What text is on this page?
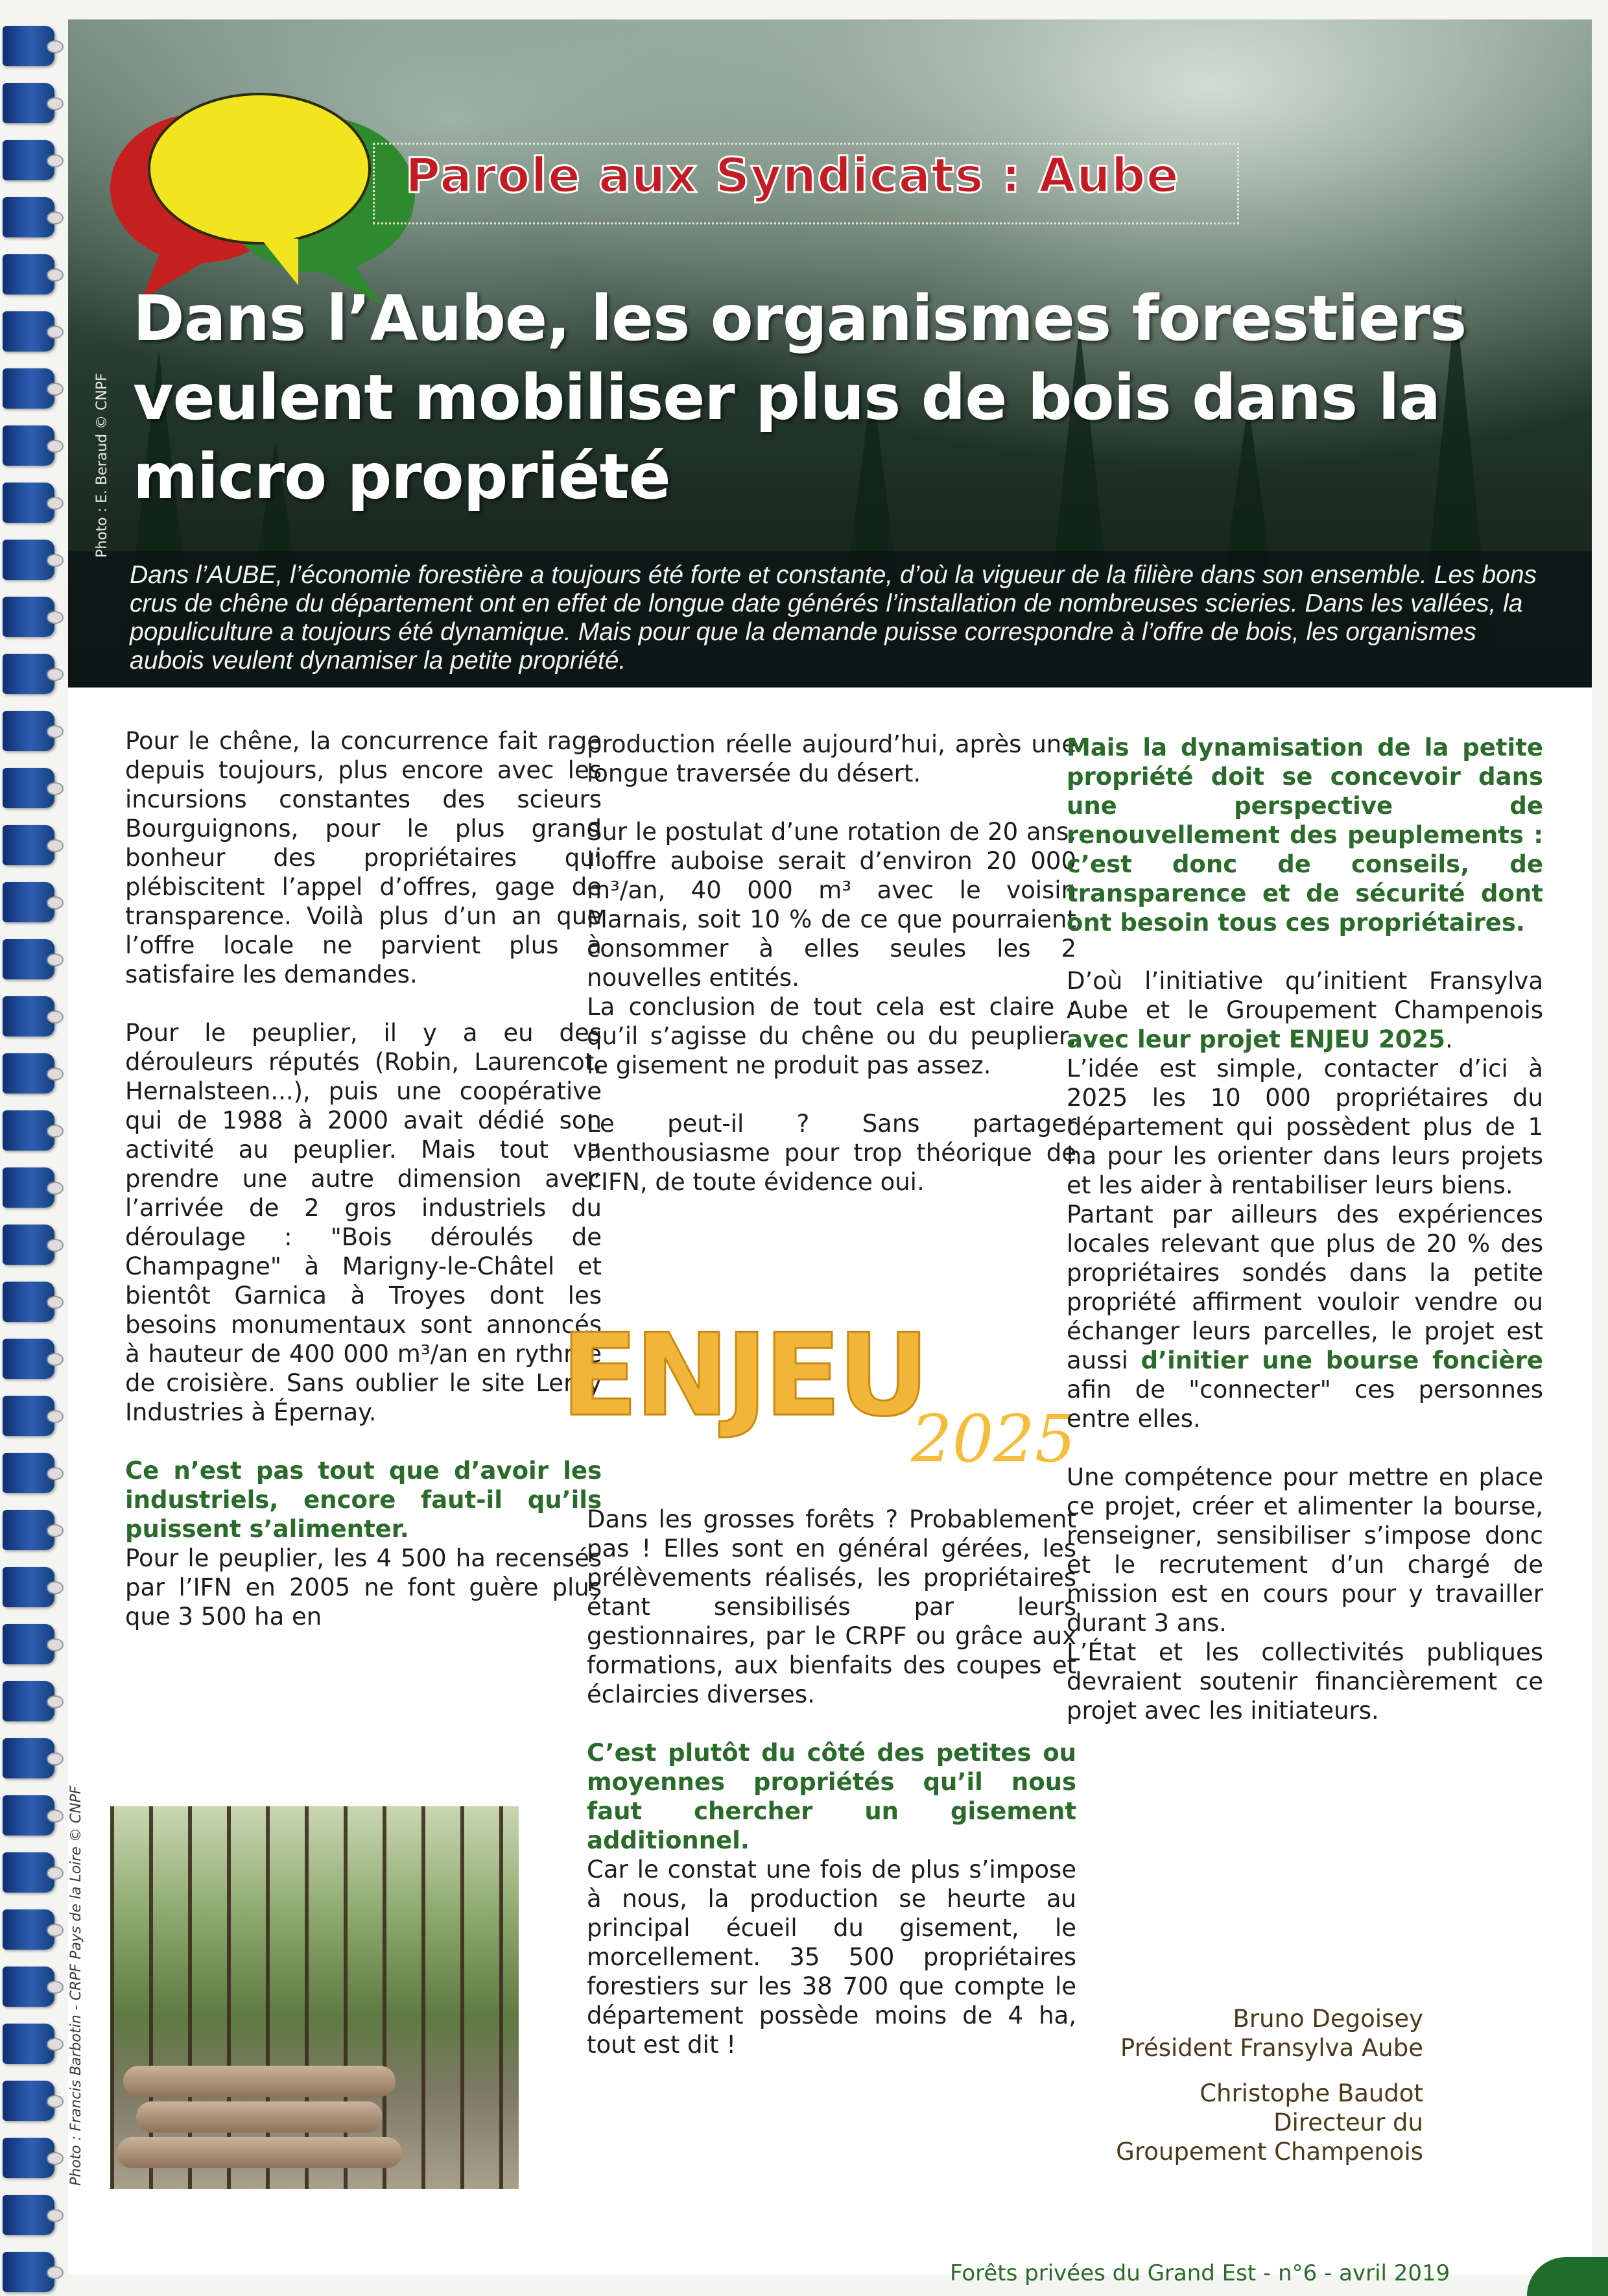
Parole aux Syndicats : Aube
Dans l’Aube, les organismes forestiers veulent mobiliser plus de bois dans la micro propriété
Photo : E. Beraud © CNPF

Dans l’AUBE, l’économie forestière a toujours été forte et constante, d’où la vigueur de la filière dans son ensemble. Les bons crus de chêne du département ont en effet de longue date générés l’installation de nombreuses scieries. Dans les vallées, la populiculture a toujours été dynamique. Mais pour que la demande puisse correspondre à l’offre de bois, les organismes aubois veulent dynamiser la petite propriété.

Pour le chêne, la concurrence fait rage depuis toujours, plus encore avec les incursions constantes des scieurs Bourguignons, pour le plus grand bonheur des propriétaires qui plébiscitent l’appel d’offres, gage de transparence. Voilà plus d’un an que l’offre locale ne parvient plus à satisfaire les demandes.

Pour le peuplier, il y a eu des dérouleurs réputés (Robin, Laurencot, Hernalsteen...), puis une coopérative qui de 1988 à 2000 avait dédié son activité au peuplier. Mais tout va prendre une autre dimension avec l’arrivée de 2 gros industriels du déroulage : "Bois déroulés de Champagne" à Marigny-le-Châtel et bientôt Garnica à Troyes dont les besoins monumentaux sont annoncés à hauteur de 400 000 m³/an en rythme de croisière. Sans oublier le site Leroy Industries à Épernay.

Ce n’est pas tout que d’avoir les industriels, encore faut-il qu’ils puissent s’alimenter.

Pour le peuplier, les 4 500 ha recensés par l’IFN en 2005 ne font guère plus que 3 500 ha en

Photo : Francis Barbotin - CRPF Pays de la Loire © CNPF

production réelle aujourd’hui, après une longue traversée du désert.

Sur le postulat d’une rotation de 20 ans, l’offre auboise serait d’environ 20 000 m³/an, 40 000 m³ avec le voisin Marnais, soit 10 % de ce que pourraient consommer à elles seules les 2 nouvelles entités.

La conclusion de tout cela est claire : qu’il s’agisse du chêne ou du peuplier, le gisement ne produit pas assez.

Le peut-il ? Sans partager l’enthousiasme pour trop théorique de l’IFN, de toute évidence oui.

ENJEU
2025

Dans les grosses forêts ? Probablement pas ! Elles sont en général gérées, les prélèvements réalisés, les propriétaires étant sensibilisés par leurs gestionnaires, par le CRPF ou grâce aux formations, aux bienfaits des coupes et éclaircies diverses.

C’est plutôt du côté des petites ou moyennes propriétés qu’il nous faut chercher un gisement additionnel.

Car le constat une fois de plus s’impose à nous, la production se heurte au principal écueil du gisement, le morcellement. 35 500 propriétaires forestiers sur les 38 700 que compte le département possède moins de 4 ha, tout est dit !

Mais la dynamisation de la petite propriété doit se concevoir dans une perspective de renouvellement des peuplements : c’est donc de conseils, de transparence et de sécurité dont ont besoin tous ces propriétaires.

D’où l’initiative qu’initient Fransylva Aube et le Groupement Champenois avec leur projet ENJEU 2025.

L’idée est simple, contacter d’ici à 2025 les 10 000 propriétaires du département qui possèdent plus de 1 ha pour les orienter dans leurs projets et les aider à rentabiliser leurs biens.

Partant par ailleurs des expériences locales relevant que plus de 20 % des propriétaires sondés dans la petite propriété affirment vouloir vendre ou échanger leurs parcelles, le projet est aussi d’initier une bourse foncière afin de "connecter" ces personnes entre elles.

Une compétence pour mettre en place ce projet, créer et alimenter la bourse, renseigner, sensibiliser s’impose donc et le recrutement d’un chargé de mission est en cours pour y travailler durant 3 ans.

L’État et les collectivités publiques devraient soutenir financièrement ce projet avec les initiateurs.

Bruno Degoisey
Président Fransylva Aube
Christophe Baudot
Directeur du
Groupement Champenois
Forêts privées du Grand Est - n°6 - avril 2019
